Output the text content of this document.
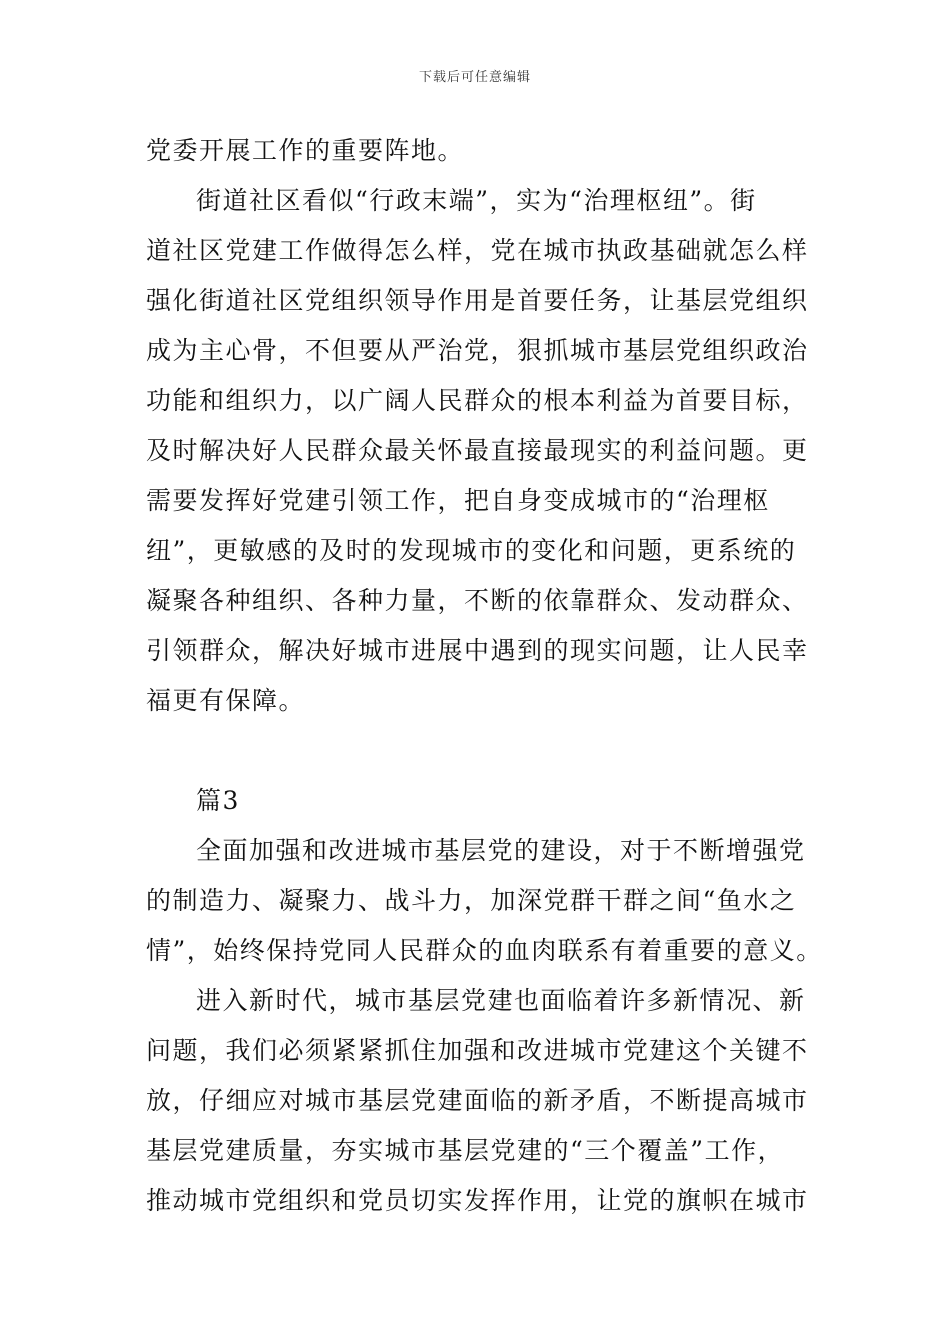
下载后可任意编辑
党委开展工作的重要阵地。
街道社区看似“行政末端”，实为“治理枢纽”。街
道社区党建工作做得怎么样，党在城市执政基础就怎么样
强化街道社区党组织领导作用是首要任务，让基层党组织
成为主心骨，不但要从严治党，狠抓城市基层党组织政治
功能和组织力，以广阔人民群众的根本利益为首要目标，
及时解决好人民群众最关怀最直接最现实的利益问题。更
需要发挥好党建引领工作，把自身变成城市的“治理枢
纽”，更敏感的及时的发现城市的变化和问题，更系统的
凝聚各种组织、各种力量，不断的依靠群众、发动群众、
引领群众，解决好城市进展中遇到的现实问题，让人民幸
福更有保障。
篇3
全面加强和改进城市基层党的建设，对于不断增强党
的制造力、凝聚力、战斗力，加深党群干群之间“鱼水之
情”，始终保持党同人民群众的血肉联系有着重要的意义。
进入新时代，城市基层党建也面临着许多新情况、新
问题，我们必须紧紧抓住加强和改进城市党建这个关键不
放，仔细应对城市基层党建面临的新矛盾，不断提高城市
基层党建质量，夯实城市基层党建的“三个覆盖”工作，
推动城市党组织和党员切实发挥作用，让党的旗帜在城市
